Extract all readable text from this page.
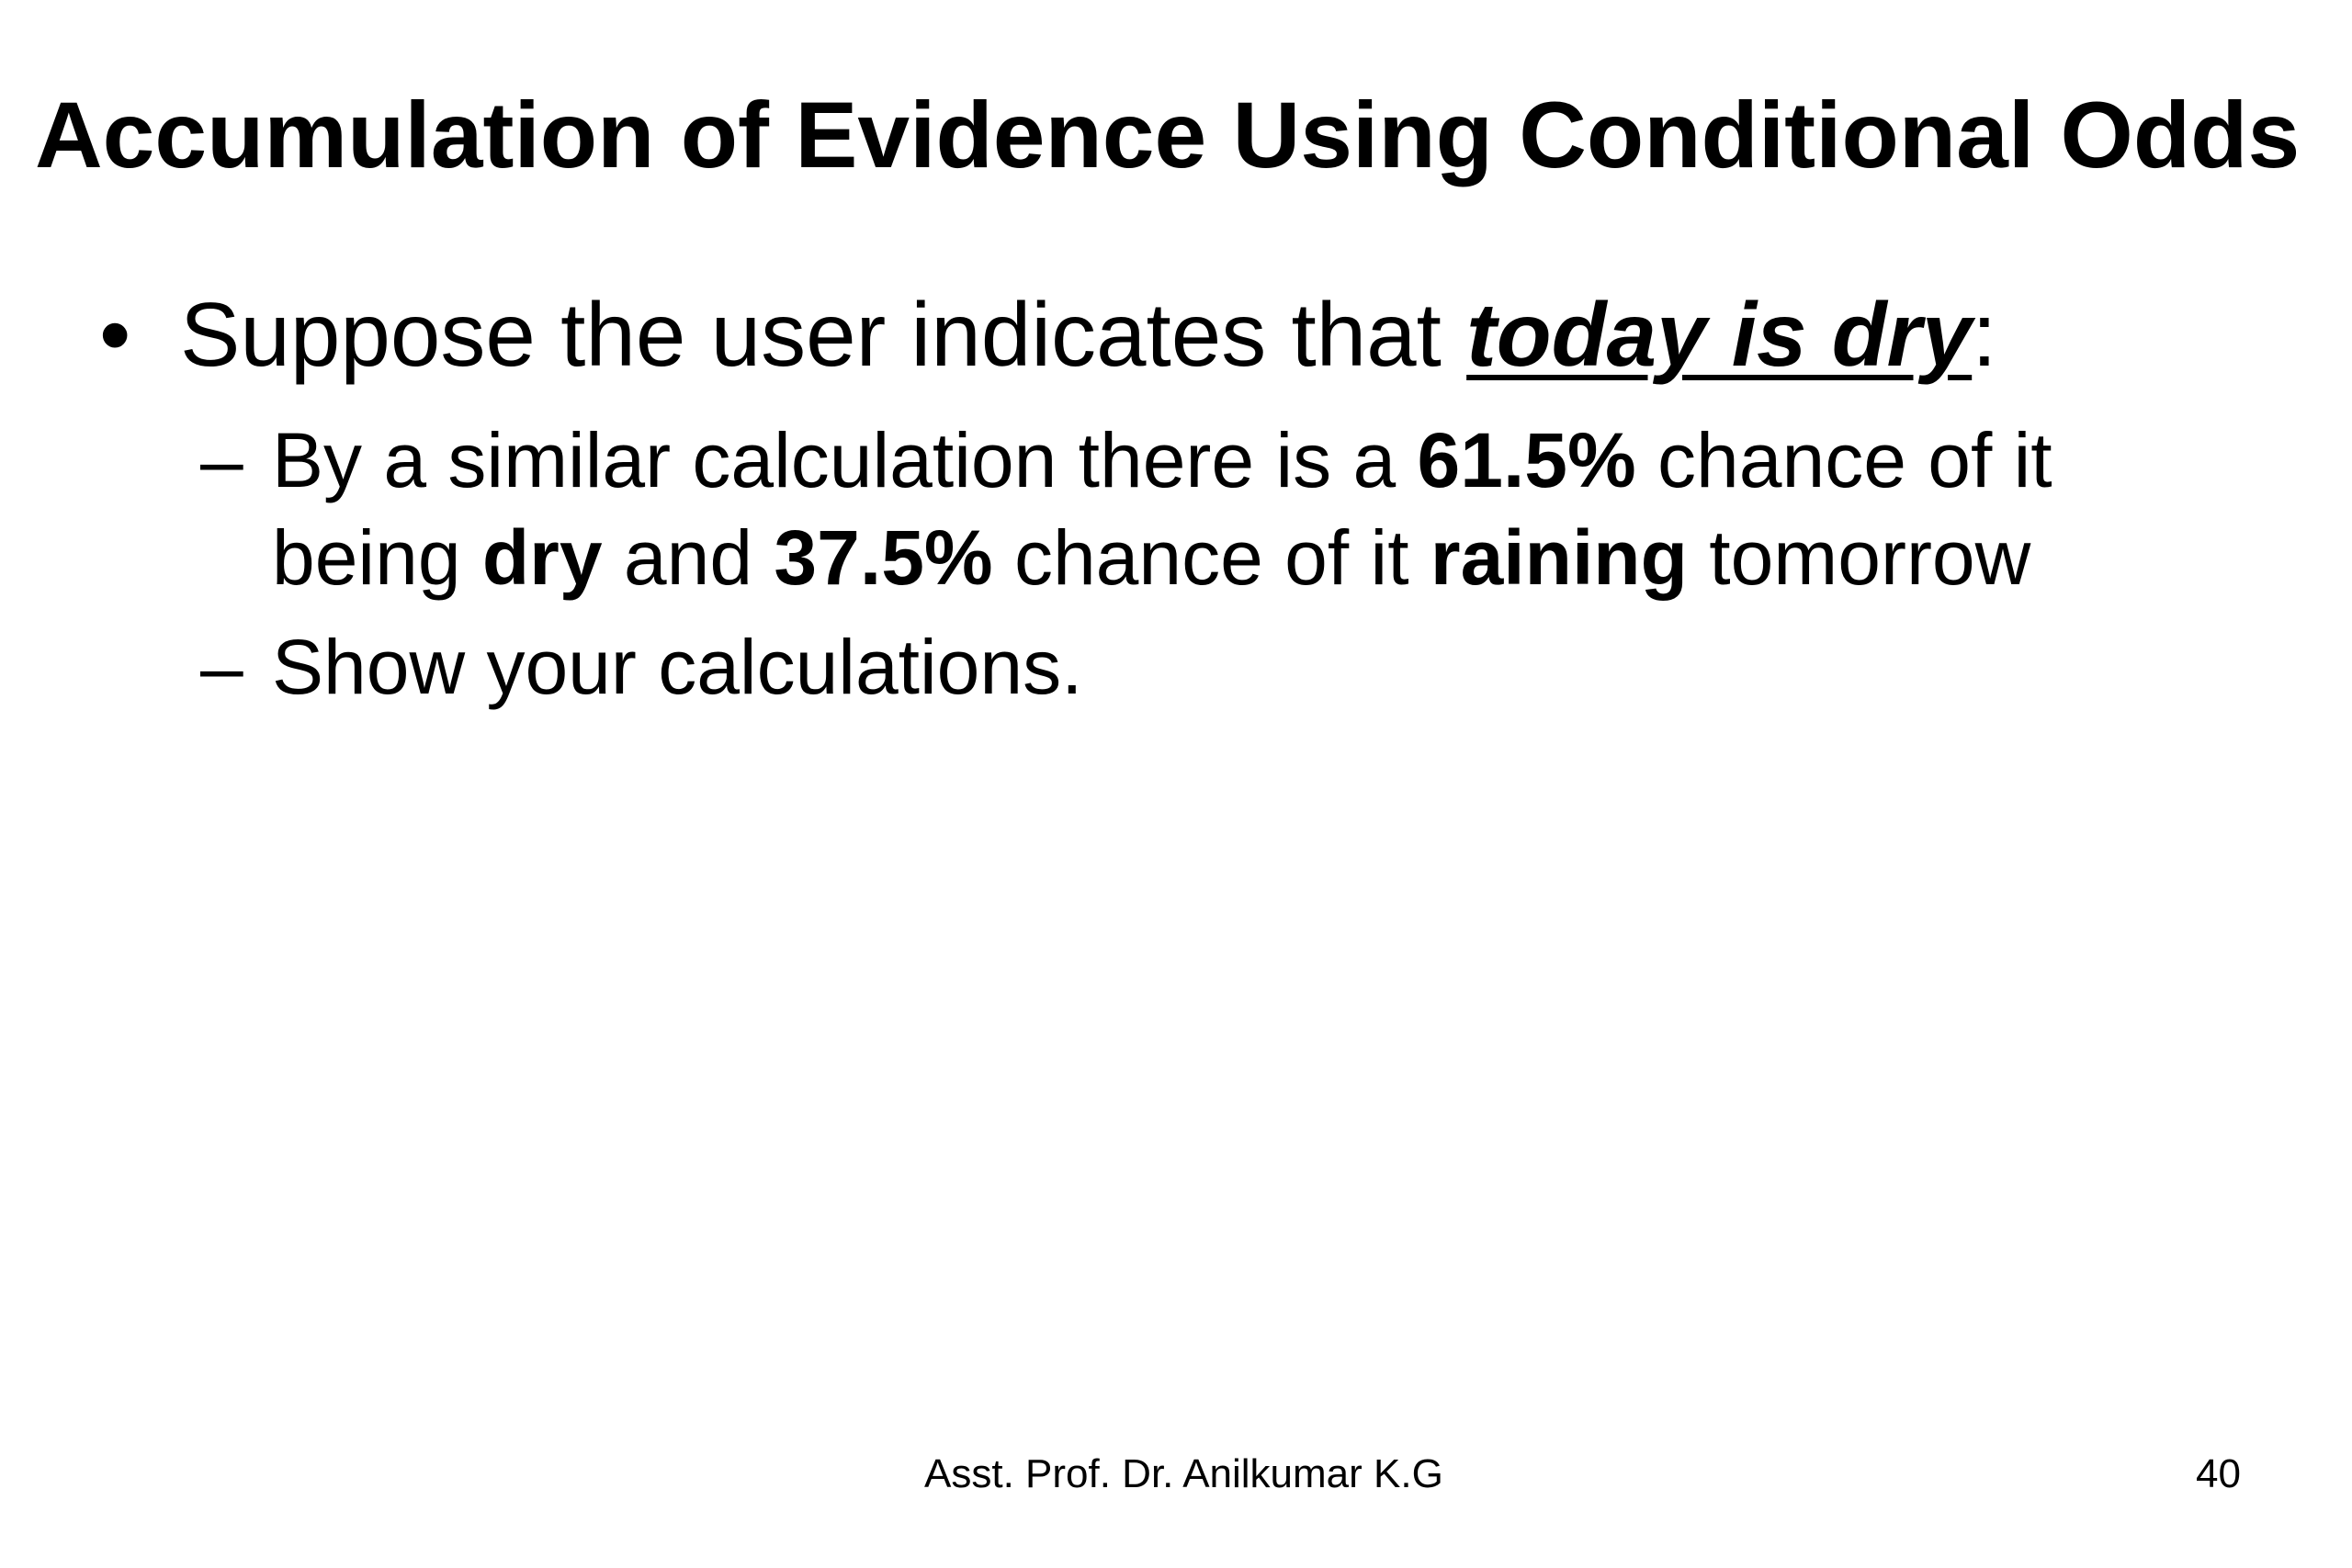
Accumulation of Evidence Using Conditional Odds
• Suppose the user indicates that today is dry:
– By a similar calculation there is a 61.5% chance of it
being dry and 37.5% chance of it raining tomorrow
– Show your calculations.
Asst. Prof. Dr. Anilkumar K.G	40
